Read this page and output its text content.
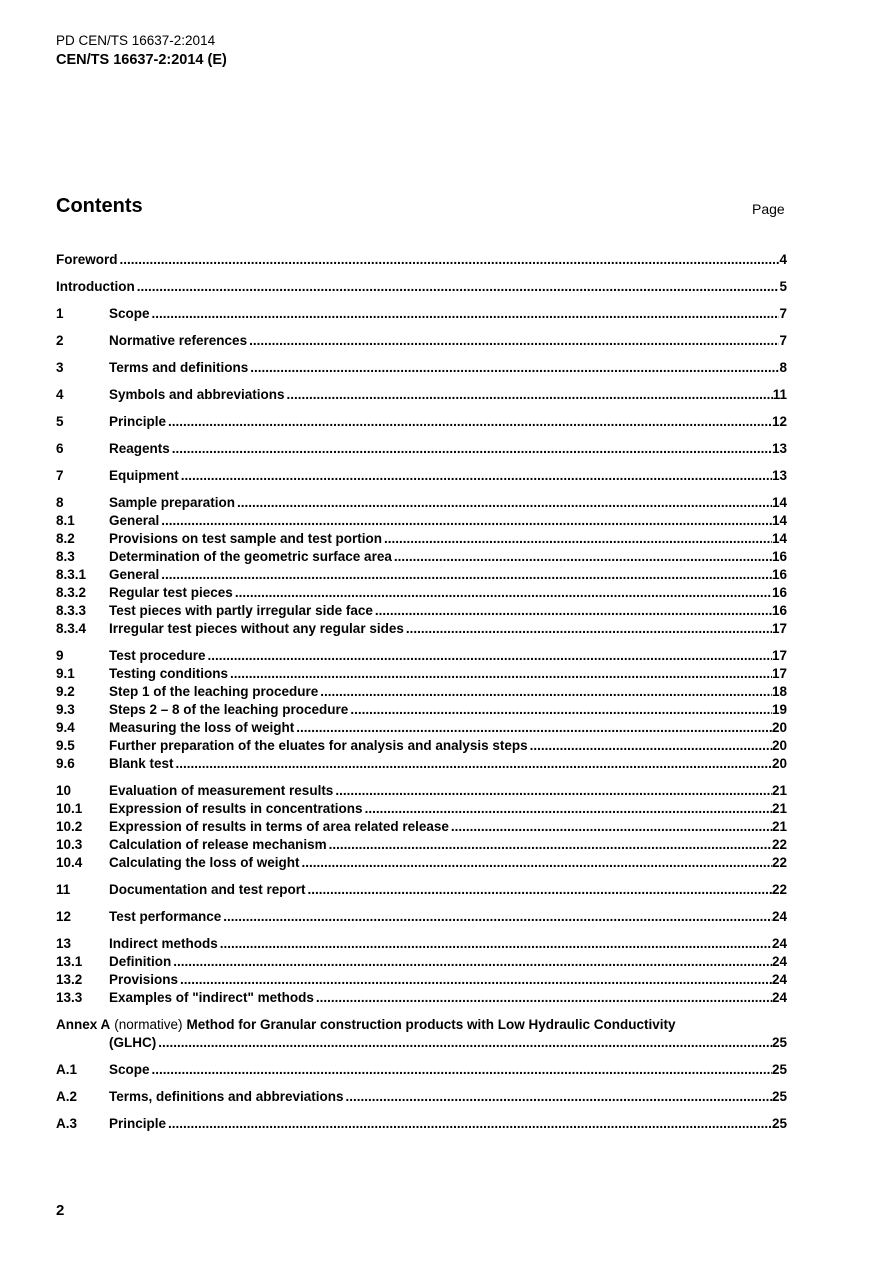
PD CEN/TS 16637-2:2014
CEN/TS 16637-2:2014 (E)
Contents	Page
Foreword .....	4
Introduction .....	5
1	Scope .....	7
2	Normative references .....	7
3	Terms and definitions .....	8
4	Symbols and abbreviations .....	11
5	Principle .....	12
6	Reagents .....	13
7	Equipment .....	13
8	Sample preparation .....	14
8.1	General .....	14
8.2	Provisions on test sample and test portion .....	14
8.3	Determination of the geometric surface area .....	16
8.3.1	General .....	16
8.3.2	Regular test pieces .....	16
8.3.3	Test pieces with partly irregular side face .....	16
8.3.4	Irregular test pieces without any regular sides .....	17
9	Test procedure .....	17
9.1	Testing conditions .....	17
9.2	Step 1 of the leaching procedure .....	18
9.3	Steps 2 – 8 of the leaching procedure .....	19
9.4	Measuring the loss of weight .....	20
9.5	Further preparation of the eluates for analysis and analysis steps .....	20
9.6	Blank test .....	20
10	Evaluation of measurement results .....	21
10.1	Expression of results in concentrations .....	21
10.2	Expression of results in terms of area related release .....	21
10.3	Calculation of release mechanism .....	22
10.4	Calculating the loss of weight .....	22
11	Documentation and test report .....	22
12	Test performance .....	24
13	Indirect methods .....	24
13.1	Definition .....	24
13.2	Provisions .....	24
13.3	Examples of "indirect" methods .....	24
Annex A (normative) Method for Granular construction products with Low Hydraulic Conductivity
(GLHC) .....	25
A.1	Scope .....	25
A.2	Terms, definitions and abbreviations .....	25
A.3	Principle .....	25
2
